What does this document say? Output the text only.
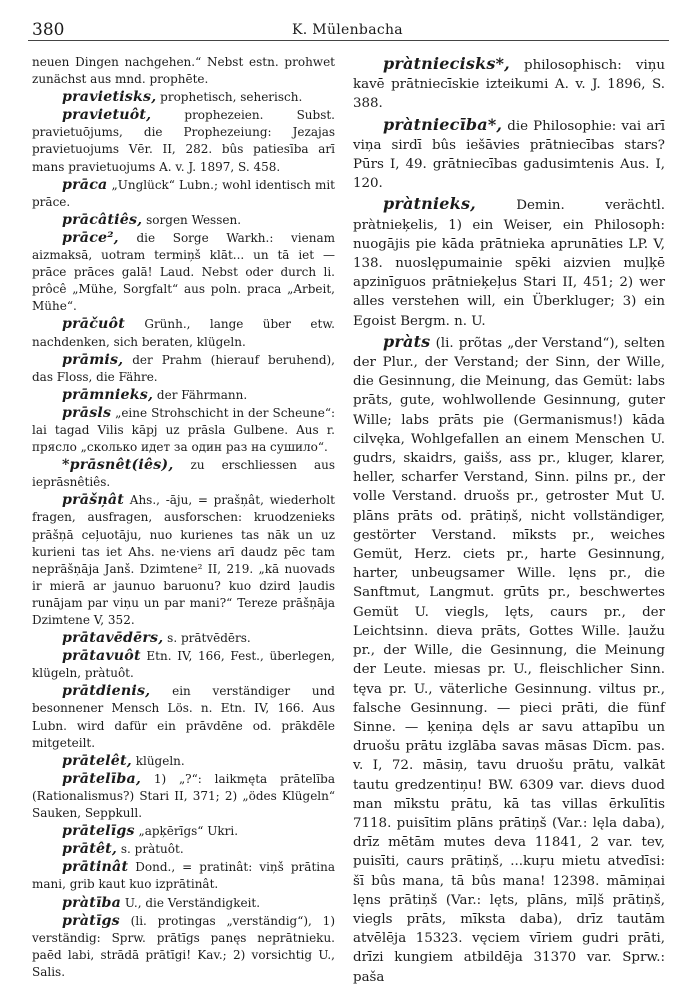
380	K. Mülenbacha

neuen Dingen nachgehen.“ Nebst estn. prohwet zunächst aus mnd. prophēte.

pravietisks, prophetisch, seherisch.

pravietuôt, prophezeien. Subst. pravietuōjums, die Prophezeiung: Jezajas pravietuojums Vēr. II, 282. bûs patiesība arī mans pravietuojums A. v. J. 1897, S. 458.

prāca „Unglück“ Lubn.; wohl identisch mit prāce.

prācâtiês, sorgen Wessen.

prāce², die Sorge Warkh.: vienam aizmaksā, uotram termiņš klāt... un tā iet — prāce prāces galā! Laud. Nebst oder durch li. prôcê „Mühe, Sorgfalt“ aus poln. praca „Arbeit, Mühe“.

prāčuôt Grünh., lange über etw. nachdenken, sich beraten, klügeln.

prāmis, der Prahm (hierauf beruhend), das Floss, die Fähre.

prāmnieks, der Fährmann.

prāsls „eine Strohschicht in der Scheune“: lai tagad Vilis kāpj uz prāsla Gulbene. Aus r. прясло „сколько идет за один раз на сушило“.

*prāsnêt(iês), zu erschliessen aus ieprāsnêtiês.

prāšņât Ahs., -āju, = prašņât, wiederholt fragen, ausfragen, ausforschen: kruodzenieks prāšņā ceļuotāju, nuo kurienes tas nāk un uz kurieni tas iet Ahs. ne·viens arī daudz pēc tam neprāšņāja Janš. Dzimtene² II, 219. „kā nuovads ir mierā ar jaunuo baruonu? kuo dzird ļaudis runājam par viņu un par mani?“ Tereze prāšņāja Dzimtene V, 352.

prātavēdērs, s. prātvēdērs.

prātavuôt Etn. IV, 166, Fest., überlegen, klügeln, pràtuôt.

prātdienis, ein verständiger und besonnener Mensch Lös. n. Etn. IV, 166. Aus Lubn. wird dafür ein prāvdēne od. prākdēle mitgeteilt.

prātelêt, klügeln.

prātelība, 1) „?“: laikmęta prātelība (Rationalismus?) Stari II, 371; 2) „ödes Klügeln“ Sauken, Seppkull.

prātelīgs „apķērīgs“ Ukri.

prātêt, s. pràtuôt.

prātinât Dond., = pratinât: viņš prātina mani, grib kaut kuo izprātinât.

pràtība U., die Verständigkeit.

pràtīgs (li. protingas „verständig“), 1) verständig: Sprw. prātīgs panęs neprātnieku. paēd labi, strādā prātīgi! Kav.; 2) vorsichtig U., Salis.

pràtniecisks*, philosophisch: viņu kavē prātniecīskie izteikumi A. v. J. 1896, S. 388.

pràtniecība*, die Philosophie: vai arī viņa sirdī bûs iešāvies prātniecības stars? Pūrs I, 49. grātniecības gadusimtenis Aus. I, 120.

pràtnieks, Demin. verächtl. pràtnieķelis, 1) ein Weiser, ein Philosoph: nuogājis pie kāda prātnieka aprunāties LP. V, 138. nuoslępumainie spēki aizvien muļķē apzinīguos prātnieķeļus Stari II, 451; 2) wer alles verstehen will, ein Überkluger; 3) ein Egoist Bergm. n. U.

pràts (li. prõtas „der Verstand“), selten der Plur., der Verstand; der Sinn, der Wille, die Gesinnung, die Meinung, das Gemüt: labs prāts, gute, wohlwollende Gesinnung, guter Wille; labs prāts pie (Germanismus!) kāda cilvęka, Wohlgefallen an einem Menschen U. gudrs, skaidrs, gaišs, ass pr., kluger, klarer, heller, scharfer Verstand, Sinn. pilns pr., der volle Verstand. druošs pr., getroster Mut U. plāns prāts od. prātiņš, nicht vollständiger, gestörter Verstand. mīksts pr., weiches Gemüt, Herz. ciets pr., harte Gesinnung, harter, unbeugsamer Wille. lęns pr., die Sanftmut, Langmut. grūts pr., beschwertes Gemüt U. viegls, lęts, caurs pr., der Leichtsinn. dieva prāts, Gottes Wille. ļaužu pr., der Wille, die Gesinnung, die Meinung der Leute. miesas pr. U., fleischlicher Sinn. tęva pr. U., väterliche Gesinnung. viltus pr., falsche Gesinnung. — pieci prāti, die fünf Sinne. — ķeniņa dęls ar savu attapību un druošu prātu izglāba savas māsas Dīcm. pas. v. I, 72. māsiņ, tavu druošu prātu, valkāt tautu gredzentiņu! BW. 6309 var. dievs duod man mīkstu prātu, kā tas villas ērkulītis 7118. puisītim plāns prātiņš (Var.: lęla daba), drīz mētām mutes deva 11841, 2 var. tev, puisīti, caurs prātiņš, ...kuŗu mietu atvedīsi: šī bûs mana, tā bûs mana! 12398. māmiņai lęns prātiņš (Var.: lęts, plāns, mīļš prātiņš, viegls prāts, mīksta daba), drīz tautām atvēlēja 15323. vęciem vīriem gudri prāti, drīzi kungiem atbildēja 31370 var. Sprw.: paša
